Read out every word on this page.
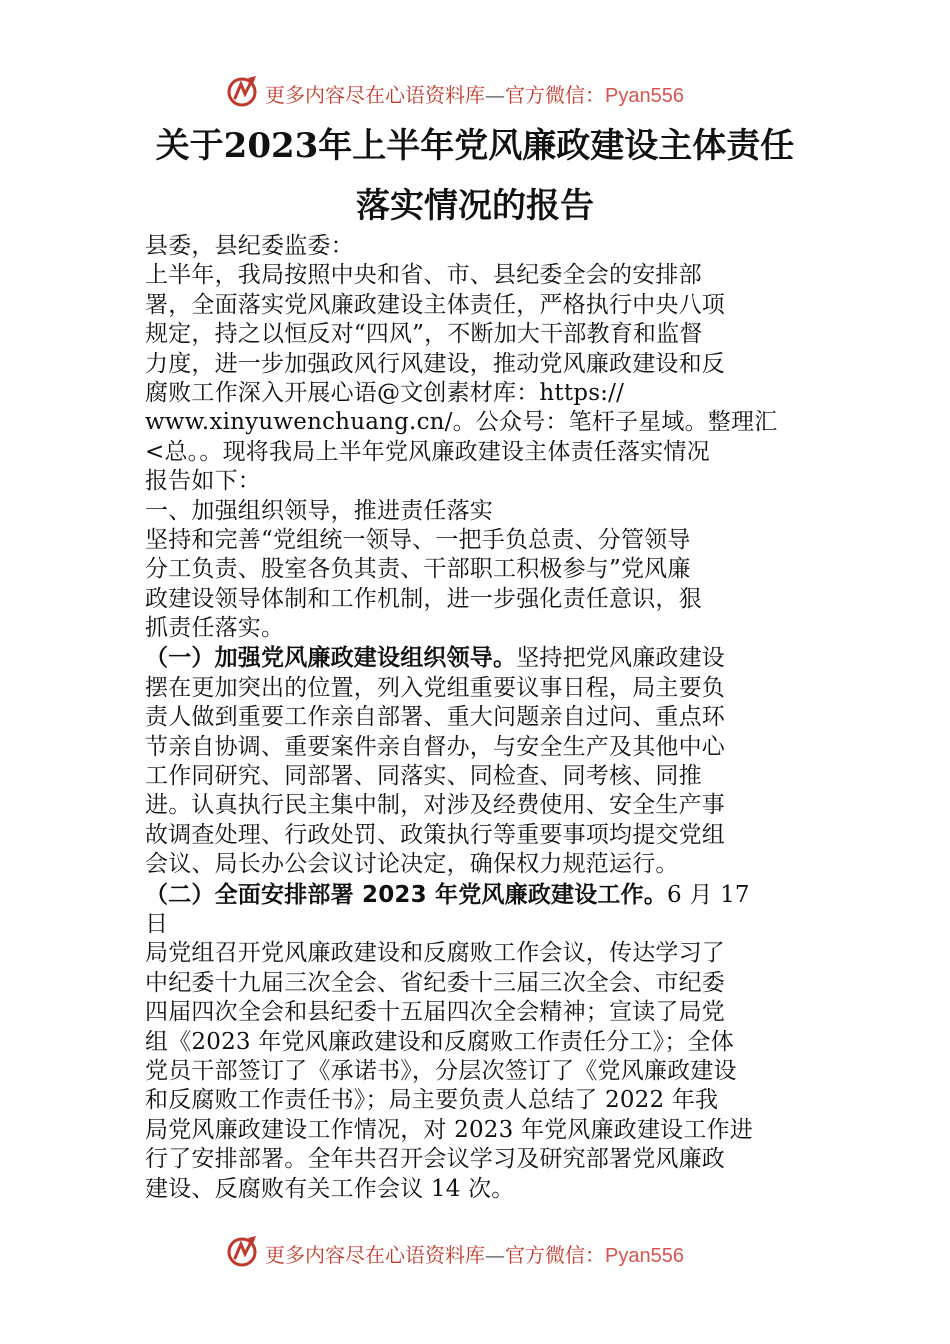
更多内容尽在心语资料库—官方微信：Pyan556
关于2023年上半年党风廉政建设主体责任
落实情况的报告
县委，县纪委监委：
上半年，我局按照中央和省、市、县纪委全会的安排部
署，全面落实党风廉政建设主体责任，严格执行中央八项
规定，持之以恒反对“四风”，不断加大干部教育和监督
力度，进一步加强政风行风建设，推动党风廉政建设和反
腐败工作深入开展心语@文创素材库：https://
www.xinyuwenchuang.cn/。公众号：笔杆子星域。整理汇
<总。。现将我局上半年党风廉政建设主体责任落实情况
报告如下：
一、加强组织领导，推进责任落实
坚持和完善“党组统一领导、一把手负总责、分管领导
分工负责、股室各负其责、干部职工积极参与”党风廉
政建设领导体制和工作机制，进一步强化责任意识，狠
抓责任落实。
（一）加强党风廉政建设组织领导。坚持把党风廉政建设
摆在更加突出的位置，列入党组重要议事日程，局主要负
责人做到重要工作亲自部署、重大问题亲自过问、重点环
节亲自协调、重要案件亲自督办，与安全生产及其他中心
工作同研究、同部署、同落实、同检查、同考核、同推
进。认真执行民主集中制，对涉及经费使用、安全生产事
故调查处理、行政处罚、政策执行等重要事项均提交党组
会议、局长办公会议讨论决定，确保权力规范运行。
（二）全面安排部署 2023 年党风廉政建设工作。6 月 17
日
局党组召开党风廉政建设和反腐败工作会议，传达学习了
中纪委十九届三次全会、省纪委十三届三次全会、市纪委
四届四次全会和县纪委十五届四次全会精神；宣读了局党
组《2023 年党风廉政建设和反腐败工作责任分工》；全体
党员干部签订了《承诺书》，分层次签订了《党风廉政建设
和反腐败工作责任书》；局主要负责人总结了 2022 年我
局党风廉政建设工作情况，对 2023 年党风廉政建设工作进
行了安排部署。全年共召开会议学习及研究部署党风廉政
建设、反腐败有关工作会议 14 次。
更多内容尽在心语资料库—官方微信：Pyan556
